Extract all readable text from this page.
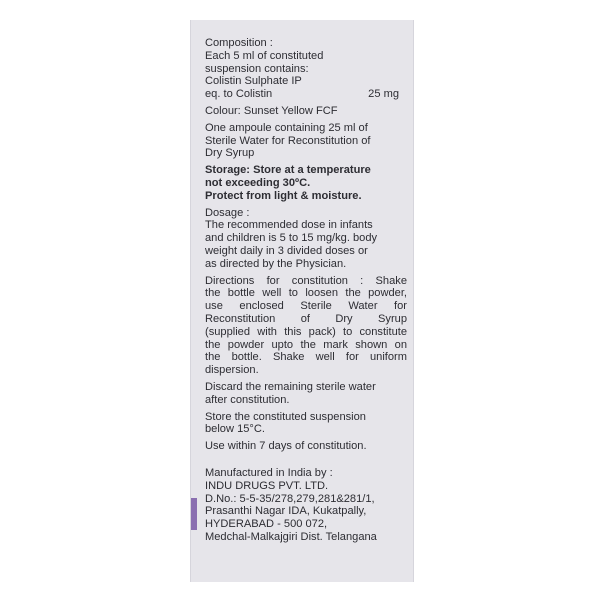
Composition :
Each 5 ml of constituted
suspension contains:
Colistin Sulphate IP
eq. to Colistin	25 mg
Colour: Sunset Yellow FCF
One ampoule containing 25 ml of
Sterile Water for Reconstitution of
Dry Syrup
Storage: Store at a temperature
not exceeding 30ºC.
Protect from light & moisture.
Dosage :
The recommended dose in infants
and children is 5 to 15 mg/kg. body
weight daily in 3 divided doses or
as directed by the Physician.
Directions for constitution : Shake
the bottle well to loosen the powder,
use enclosed Sterile Water for
Reconstitution of Dry Syrup
(supplied with this pack) to constitute
the powder upto the mark shown on
the bottle. Shake well for uniform
dispersion.
Discard the remaining sterile water
after constitution.
Store the constituted suspension
below 15°C.
Use within 7 days of constitution.
Manufactured in India by :
INDU DRUGS PVT. LTD.
D.No.: 5-5-35/278,279,281&281/1,
Prasanthi Nagar IDA, Kukatpally,
HYDERABAD - 500 072,
Medchal-Malkajgiri Dist. Telangana
